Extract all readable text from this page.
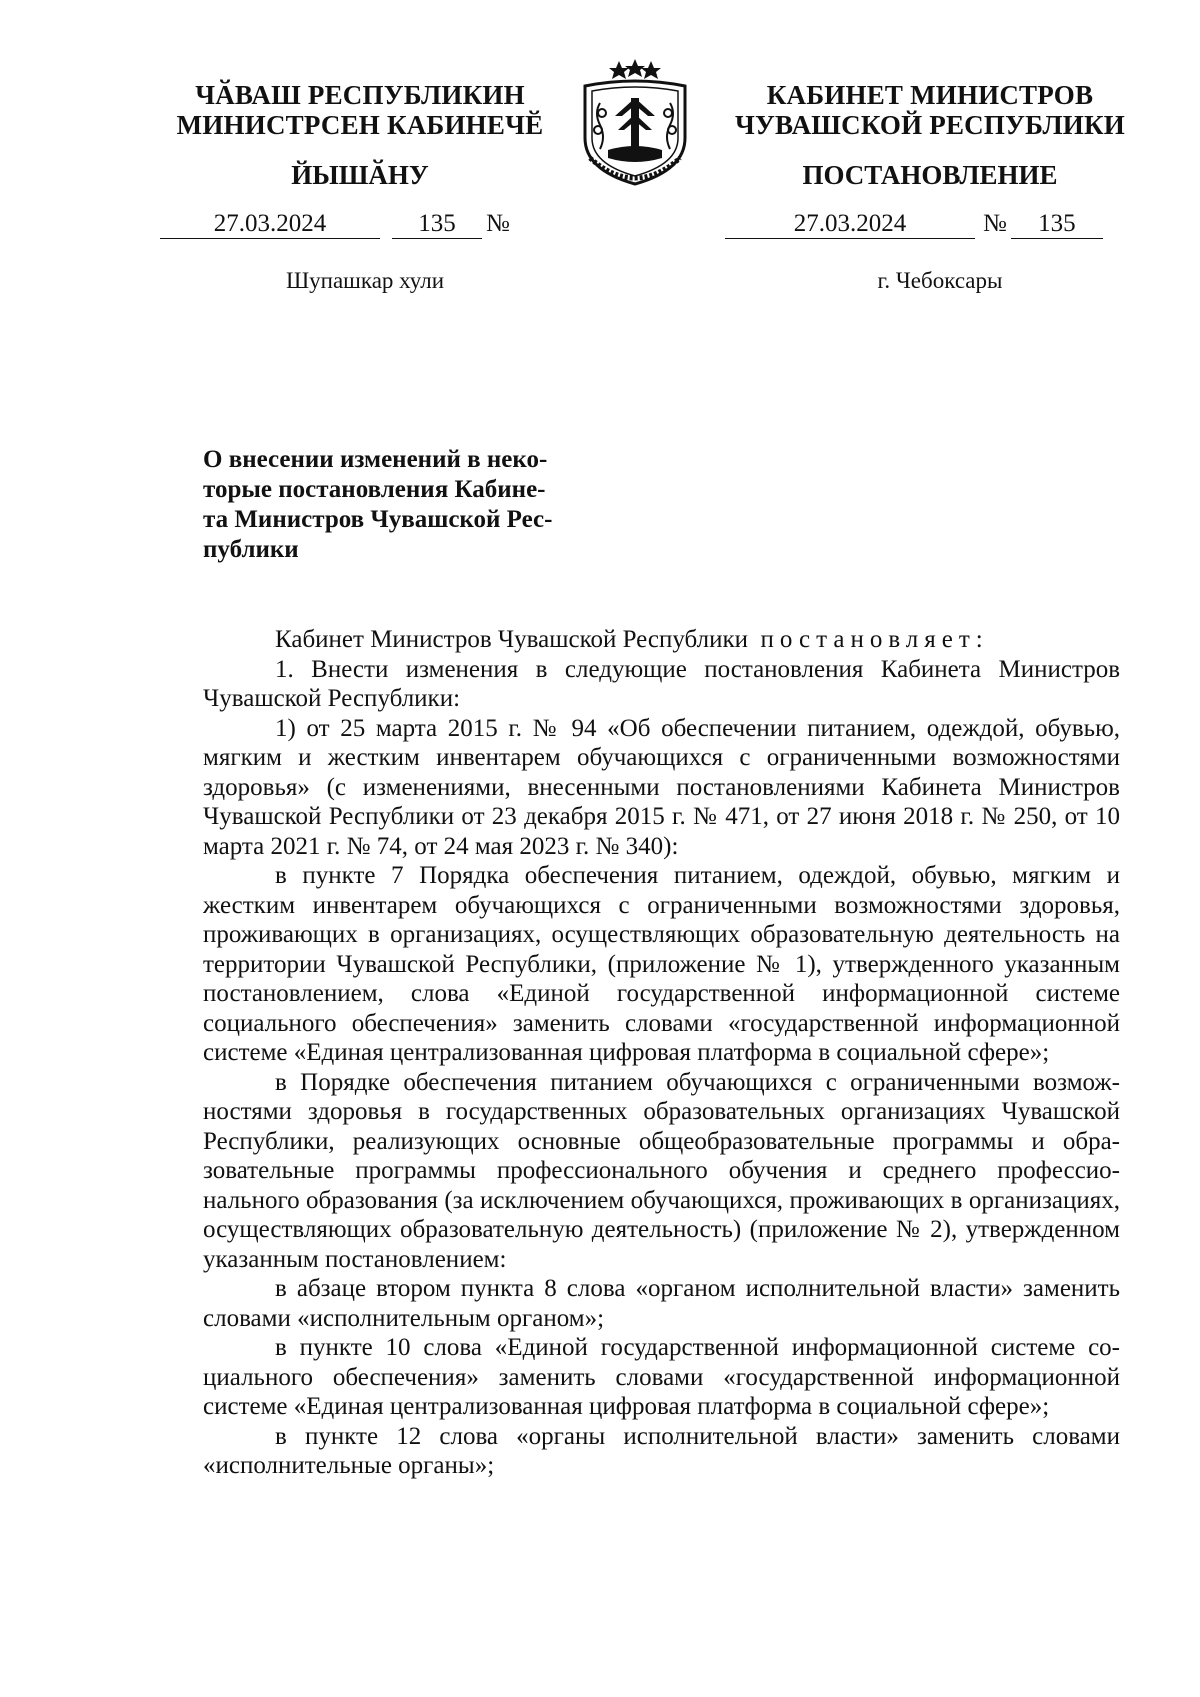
ЧӐВАШ РЕСПУБЛИКИН
МИНИСТРСЕН КАБИНЕЧӖ
ЙЫШӐНУ
КАБИНЕТ МИНИСТРОВ
ЧУВАШСКОЙ РЕСПУБЛИКИ
ПОСТАНОВЛЕНИЕ
27.03.2024	135 №	27.03.2024	№ 135
Шупашкар хули	г. Чебоксары
О внесении изменений в неко-
торые постановления Кабине-
та Министров Чувашской Рес-
публики

Кабинет Министров Чувашской Республики постановляет:

1. Внести изменения в следующие постановления Кабинета Министров Чувашской Республики:

1) от 25 марта 2015 г. № 94 «Об обеспечении питанием, одеждой, обувью, мягким и жестким инвентарем обучающихся с ограниченными возможностями здоровья» (с изменениями, внесенными постановлениями Кабинета Министров Чувашской Республики от 23 декабря 2015 г. № 471, от 27 июня 2018 г. № 250, от 10 марта 2021 г. № 74, от 24 мая 2023 г. № 340):

в пункте 7 Порядка обеспечения питанием, одеждой, обувью, мягким и жестким инвентарем обучающихся с ограниченными возможностями здоровья, проживающих в организациях, осуществляющих образовательную деятельность на территории Чувашской Республики, (приложение № 1), утвержденного указанным постановлением, слова «Единой государственной информационной системе социального обеспечения» заменить словами «государственной информационной системе «Единая централизованная цифровая платформа в социальной сфере»;

в Порядке обеспечения питанием обучающихся с ограниченными возможностями здоровья в государственных образовательных организациях Чувашской Республики, реализующих основные общеобразовательные программы и образовательные программы профессионального обучения и среднего профессионального образования (за исключением обучающихся, проживающих в организациях, осуществляющих образовательную деятельность) (приложение № 2), утвержденном указанным постановлением:

в абзаце втором пункта 8 слова «органом исполнительной власти» заменить словами «исполнительным органом»;

в пункте 10 слова «Единой государственной информационной системе социального обеспечения» заменить словами «государственной информационной системе «Единая централизованная цифровая платформа в социальной сфере»;

в пункте 12 слова «органы исполнительной власти» заменить словами «исполнительные органы»;
